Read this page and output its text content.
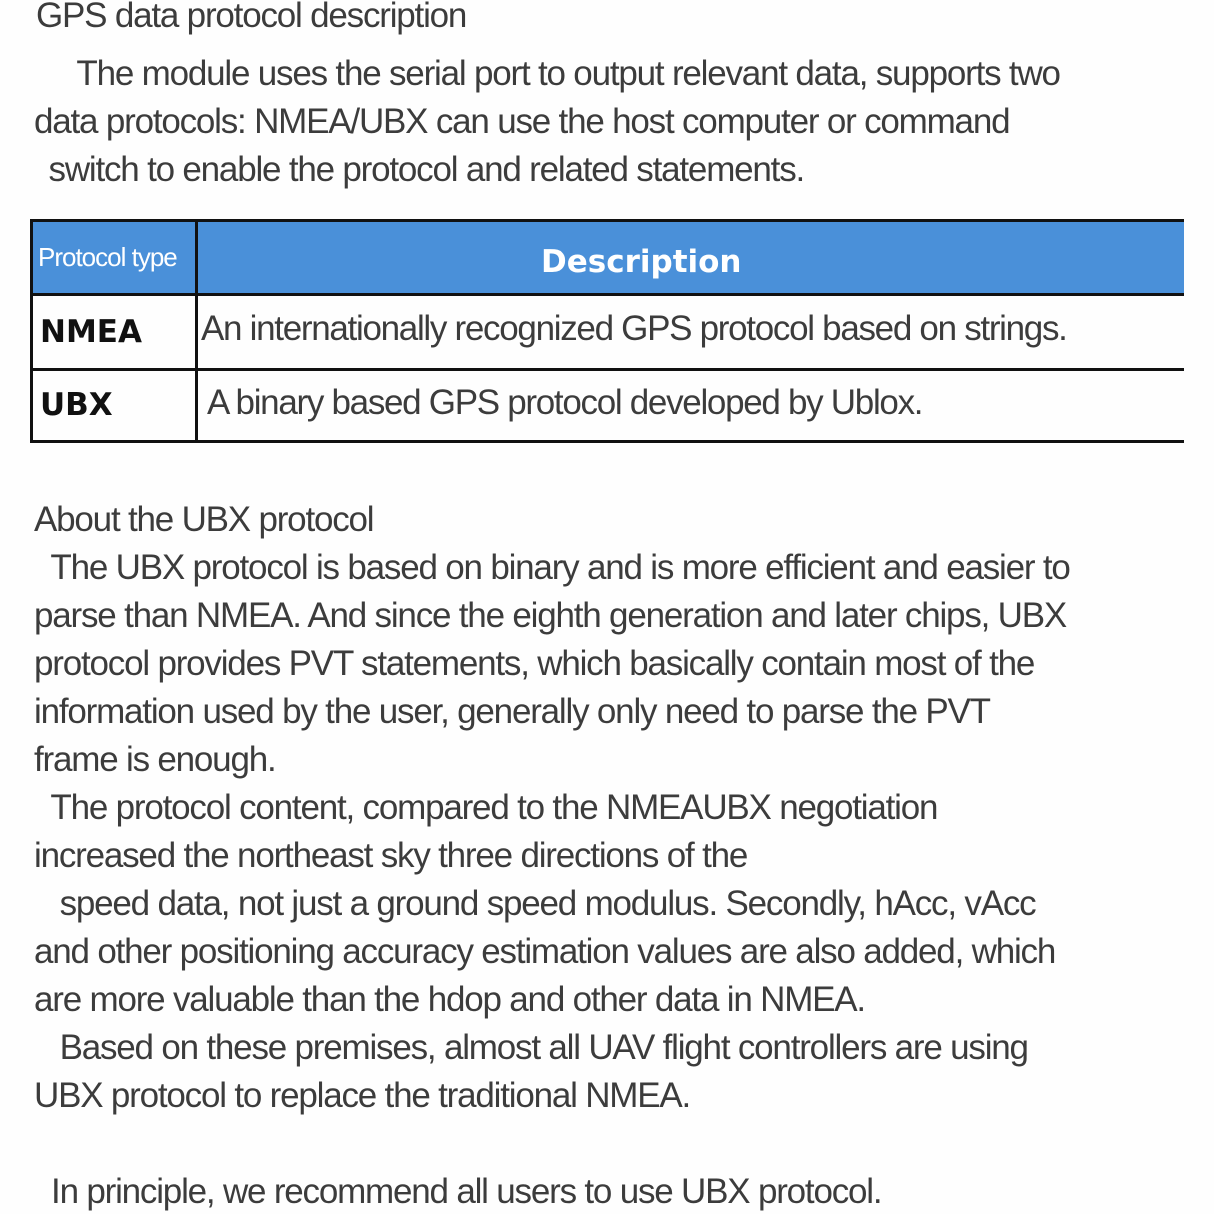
GPS data protocol description
The module uses the serial port to output relevant data, supports two
data protocols: NMEA/UBX can use the host computer or command
switch to enable the protocol and related statements.
Protocol type	Description
NMEA An internationally recognized GPS protocol based on strings.
UBX	A binary based GPS protocol developed by Ublox.
About the UBX protocol
The UBX protocol is based on binary and is more efficient and easier to
parse than NMEA. And since the eighth generation and later chips, UBX
protocol provides PVT statements, which basically contain most of the
information used by the user, generally only need to parse the PVT
frame is enough.
The protocol content, compared to the NMEAUBX negotiation
increased the northeast sky three directions of the
speed data, not just a ground speed modulus. Secondly, hAcc, vAcc
and other positioning accuracy estimation values are also added, which
are more valuable than the hdop and other data in NMEA.
Based on these premises, almost all UAV flight controllers are using
UBX protocol to replace the traditional NMEA.
In principle, we recommend all users to use UBX protocol.
